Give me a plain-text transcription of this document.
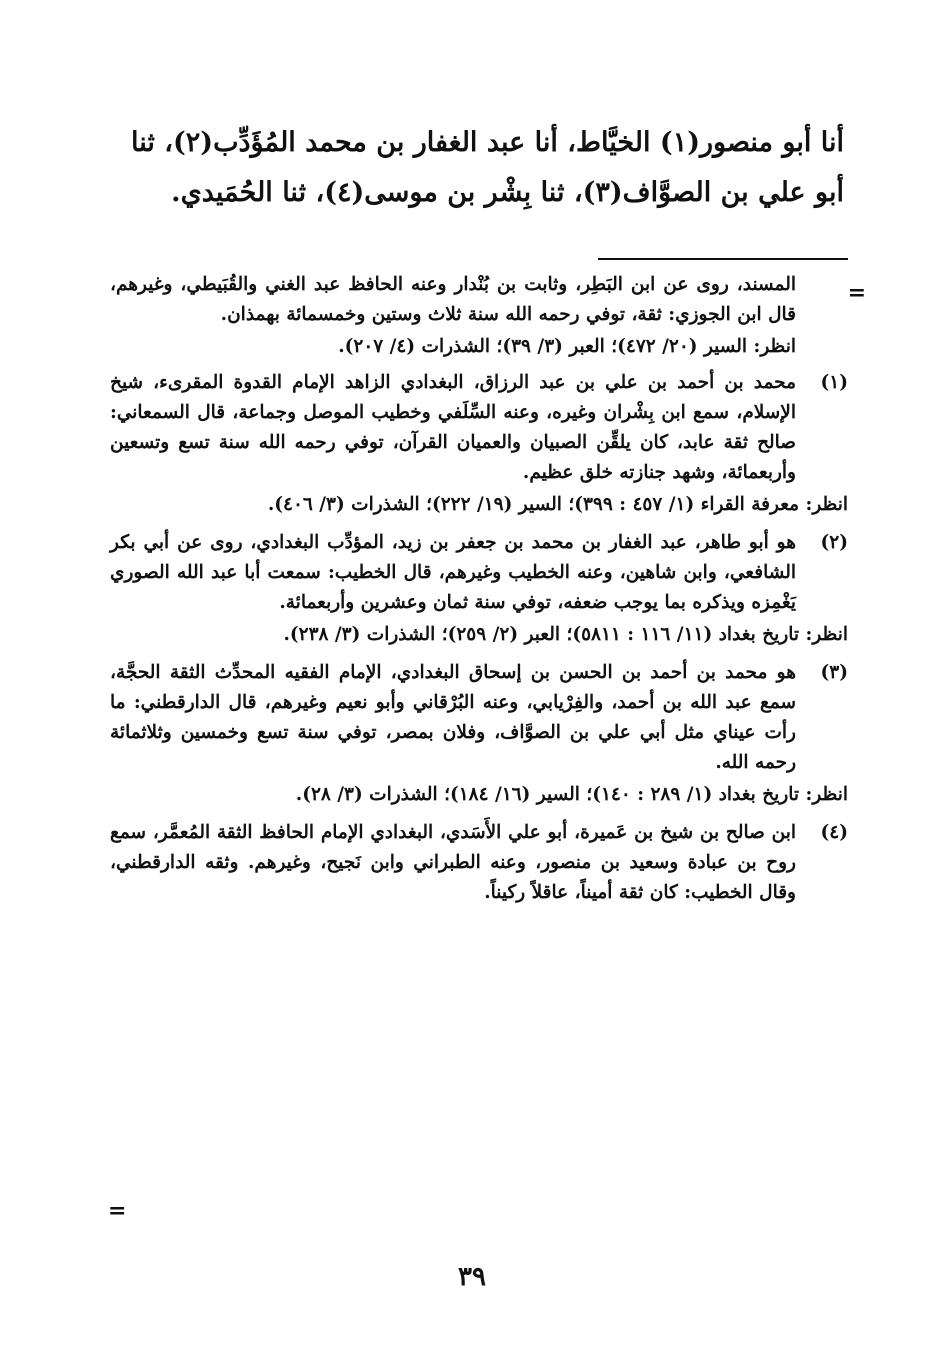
أنا أبو منصور(١) الخيَّاط، أنا عبد الغفار بن محمد المُؤَدِّب(٢)، ثنا
أبو علي بن الصوَّاف(٣)، ثنا بِشْر بن موسى(٤)، ثنا الحُمَيدي.
=
المسند، روى عن ابن البَطِر، وثابت بن بُنْدار وعنه الحافظ عبد الغني والقُبَيطي، وغيرهم، قال ابن الجوزي: ثقة، توفي رحمه الله سنة ثلاث وستين وخمسمائة بهمذان.
انظر: السير (٢٠/ ٤٧٢)؛ العبر (٣/ ٣٩)؛ الشذرات (٤/ ٢٠٧).
(١)
محمد بن أحمد بن علي بن عبد الرزاق، البغدادي الزاهد الإمام القدوة المقرىء، شيخ الإسلام، سمع ابن بِشْران وغيره، وعنه السِّلَفي وخطيب الموصل وجماعة، قال السمعاني: صالح ثقة عابد، كان يلقِّن الصبيان والعميان القرآن، توفي رحمه الله سنة تسع وتسعين وأربعمائة، وشهد جنازته خلق عظيم.
انظر: معرفة القراء (١/ ٤٥٧ : ٣٩٩)؛ السير (١٩/ ٢٢٢)؛ الشذرات (٣/ ٤٠٦).
(٢)
هو أبو طاهر، عبد الغفار بن محمد بن جعفر بن زيد، المؤدِّب البغدادي، روى عن أبي بكر الشافعي، وابن شاهين، وعنه الخطيب وغيرهم، قال الخطيب: سمعت أبا عبد الله الصوري يَغْمِزه ويذكره بما يوجب ضعفه، توفي سنة ثمان وعشرين وأربعمائة.
انظر: تاريخ بغداد (١١/ ١١٦ : ٥٨١١)؛ العبر (٢/ ٢٥٩)؛ الشذرات (٣/ ٢٣٨).
(٣)
هو محمد بن أحمد بن الحسن بن إسحاق البغدادي، الإمام الفقيه المحدِّث الثقة الحجَّة، سمع عبد الله بن أحمد، والفِرْيابي، وعنه البُرْقاني وأبو نعيم وغيرهم، قال الدارقطني: ما رأت عيناي مثل أبي علي بن الصوَّاف، وفلان بمصر، توفي سنة تسع وخمسين وثلاثمائة رحمه الله.
انظر: تاريخ بغداد (١/ ٢٨٩ : ١٤٠)؛ السير (١٦/ ١٨٤)؛ الشذرات (٣/ ٢٨).
(٤)
ابن صالح بن شيخ بن عَميرة، أبو علي الأَسَدي، البغدادي الإمام الحافظ الثقة المُعمَّر، سمع روح بن عبادة وسعيد بن منصور، وعنه الطبراني وابن نَجيح، وغيرهم. وثقه الدارقطني، وقال الخطيب: كان ثقة أميناً، عاقلاً ركيناً.
=
٣٩
